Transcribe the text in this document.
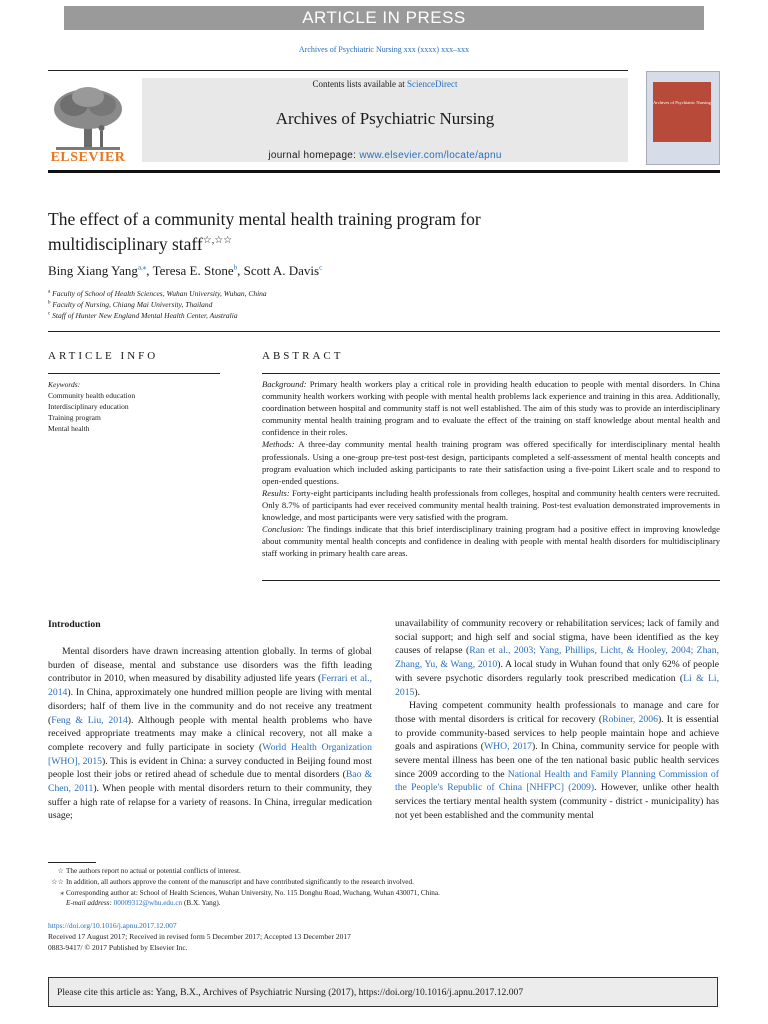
ARTICLE IN PRESS
Archives of Psychiatric Nursing xxx (xxxx) xxx–xxx
ELSEVIER
Contents lists available at ScienceDirect
Archives of Psychiatric Nursing
journal homepage: www.elsevier.com/locate/apnu
Archives of Psychiatric Nursing
The effect of a community mental health training program for
multidisciplinary staff☆,☆☆
Bing Xiang Yang$^{a,⁎}$, Teresa E. Stone$^b$, Scott A. Davis$^c$
$^a$ Faculty of School of Health Sciences, Wuhan University, Wuhan, China
$^b$ Faculty of Nursing, Chiang Mai University, Thailand
$^c$ Staff of Hunter New England Mental Health Center, Australia
ARTICLE INFO	ABSTRACT
Keywords:
Community health education
Interdisciplinary education
Training program
Mental health

Background: Primary health workers play a critical role in providing health education to people with mental disorders. In China community health workers working with people with mental health problems lack experience and training in this area. Additionally, coordination between hospital and community staff is not well established. The aim of this study was to provide an interdisciplinary community mental health training program and to evaluate the effect of the training on staff knowledge about mental health and confidence in their roles.

Methods: A three-day community mental health training program was offered specifically for interdisciplinary mental health professionals. Using a one-group pre-test post-test design, participants completed a self-assessment of mental health concepts and program evaluation which included asking participants to rate their satisfaction using a five-point Likert scale and to respond to open-ended questions.

Results: Forty-eight participants including health professionals from colleges, hospital and community health centers were recruited. Only 8.7% of participants had ever received community mental health training. Post-test evaluation demonstrated improvements in knowledge, and most participants were very satisfied with the program.

Conclusion: The findings indicate that this brief interdisciplinary training program had a positive effect in improving knowledge about community mental health concepts and confidence in dealing with people with mental health disorders for multidisciplinary staff working in primary health care areas.

Introduction

Mental disorders have drawn increasing attention globally. In terms of global burden of disease, mental and substance use disorders was the fifth leading contributor in 2010, when measured by disability adjusted life years (Ferrari et al., 2014). In China, approximately one hundred million people are living with mental disorders; half of them live in the community and do not receive any treatment (Feng & Liu, 2014). Although people with mental health problems who have received appropriate treatments may make a clinical recovery, not all make a complete recovery and fully participate in society (World Health Organization [WHO], 2015). This is evident in China: a survey conducted in Beijing found most people lost their jobs or retired ahead of schedule due to mental disorders (Bao & Chen, 2011). When people with mental disorders return to their community, they suffer a high rate of relapse for a variety of reasons. In China, irregular medication usage;

unavailability of community recovery or rehabilitation services; lack of family and social support; and high self and social stigma, have been identified as the key causes of relapse (Ran et al., 2003; Yang, Phillips, Licht, & Hooley, 2004; Zhan, Zhang, Yu, & Wang, 2010). A local study in Wuhan found that only 62% of people with severe psychotic disorders regularly took prescribed medication (Li & Li, 2015).

Having competent community health professionals to manage and care for those with mental disorders is critical for recovery (Robiner, 2006). It is essential to provide community-based services to help people maintain hope and achieve goals and aspirations (WHO, 2017). In China, community service for people with severe mental illness has been one of the ten national basic public health services since 2009 according to the National Health and Family Planning Commission of the People's Republic of China [NHFPC] (2009). However, unlike other health services the tertiary mental health system (community - district - municipality) has not yet been established and the community mental

☆ The authors report no actual or potential conflicts of interest.
☆☆ In addition, all authors approve the content of the manuscript and have contributed significantly to the research involved.
⁎ Corresponding author at: School of Health Sciences, Wuhan University, No. 115 Donghu Road, Wuchang, Wuhan 430071, China.
E-mail address: 00009312@whu.edu.cn (B.X. Yang).
https://doi.org/10.1016/j.apnu.2017.12.007
Received 17 August 2017; Received in revised form 5 December 2017; Accepted 13 December 2017
0883-9417/ © 2017 Published by Elsevier Inc.
Please cite this article as: Yang, B.X., Archives of Psychiatric Nursing (2017), https://doi.org/10.1016/j.apnu.2017.12.007
